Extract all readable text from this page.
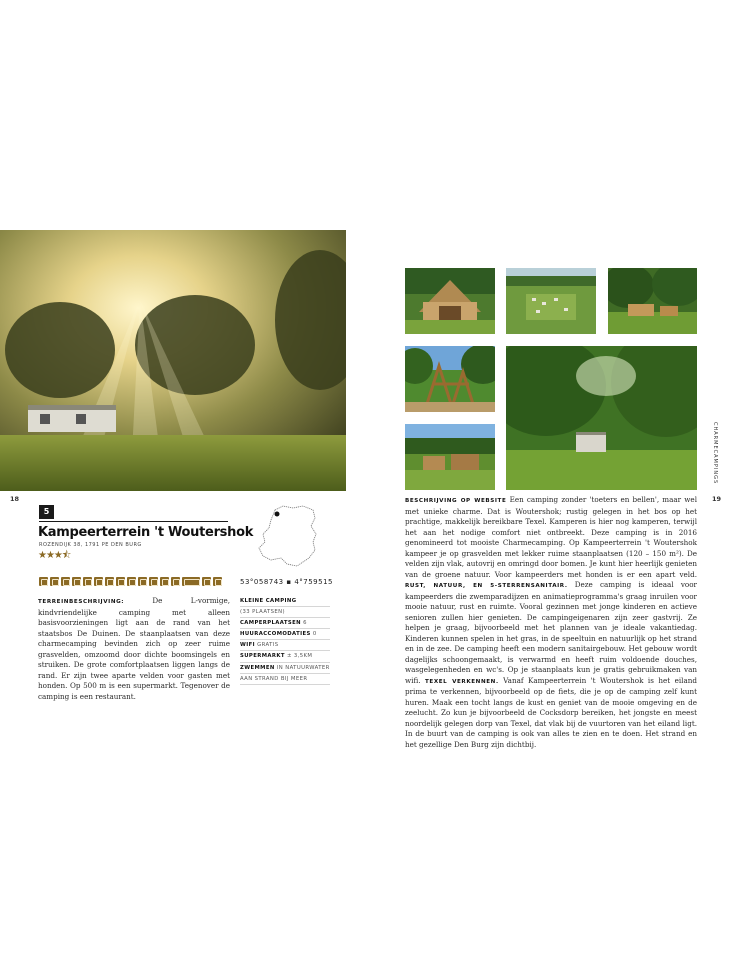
18
5
Kampeerterrein 't Woutershok
ROZENDIJK 38, 1791 PE DEN BURG
★★★⯪
53°058743 ▪ 4°759515
TERREINBESCHRIJVING:	De L-vormige, kindvriendelijke camping met alleen basisvoorzieningen ligt aan de rand van het staatsbos De Duinen. De staanplaatsen van deze charmecamping bevinden zich op zeer ruime grasvelden, omzoomd door dichte boomsingels en struiken. De grote comfortplaatsen liggen langs de rand. Er zijn twee aparte velden voor gasten met honden. Op 500 m is een supermarkt. Tegenover de camping is een restaurant.
KLEINE CAMPING
(33 PLAATSEN)
CAMPERPLAATSEN 6
HUURACCOMODATIES 0
WIFI GRATIS
SUPERMARKT ± 3,5KM
ZWEMMEN IN NATUURWATER
AAN STRAND BIJ MEER
CHARMECAMPINGS
19
BESCHRIJVING OP WEBSITE Een camping zonder 'toeters en bellen', maar wel met unieke charme. Dat is Woutershok; rustig gelegen in het bos op het prachtige, makkelijk bereikbare Texel. Kamperen is hier nog kamperen, terwijl het aan het nodige comfort niet ontbreekt. Deze camping is in 2016 genomineerd tot mooiste Charmecamping. Op Kampeerterrein 't Woutershok kampeer je op grasvelden met lekker ruime staanplaatsen (120 – 150 m²). De velden zijn vlak, autovrij en omringd door bomen. Je kunt hier heerlijk genieten van de groene natuur. Voor kampeerders met honden is er een apart veld. RUST, NATUUR, EN 5-STERRENSANITAIR. Deze camping is ideaal voor kampeerders die zwemparadijzen en animatieprogramma's graag inruilen voor mooie natuur, rust en ruimte. Vooral gezinnen met jonge kinderen en actieve senioren zullen hier genieten. De campingeigenaren zijn zeer gastvrij. Ze helpen je graag, bijvoorbeeld met het plannen van je ideale vakantiedag. Kinderen kunnen spelen in het gras, in de speeltuin en natuurlijk op het strand en in de zee. De camping heeft een modern sanitairgebouw. Het gebouw wordt dagelijks schoongemaakt, is verwarmd en heeft ruim voldoende douches, wasgelegenheden en wc's. Op je staanplaats kun je gratis gebruikmaken van wifi. TEXEL VERKENNEN. Vanaf Kampeerterrein 't Woutershok is het eiland prima te verkennen, bijvoorbeeld op de fiets, die je op de camping zelf kunt huren. Maak een tocht langs de kust en geniet van de mooie omgeving en de zeelucht. Zo kun je bijvoorbeeld de Cocksdorp bereiken, het jongste en meest noordelijk gelegen dorp van Texel, dat vlak bij de vuurtoren van het eiland ligt. In de buurt van de camping is ook van alles te zien en te doen. Het strand en het gezellige Den Burg zijn dichtbij.
